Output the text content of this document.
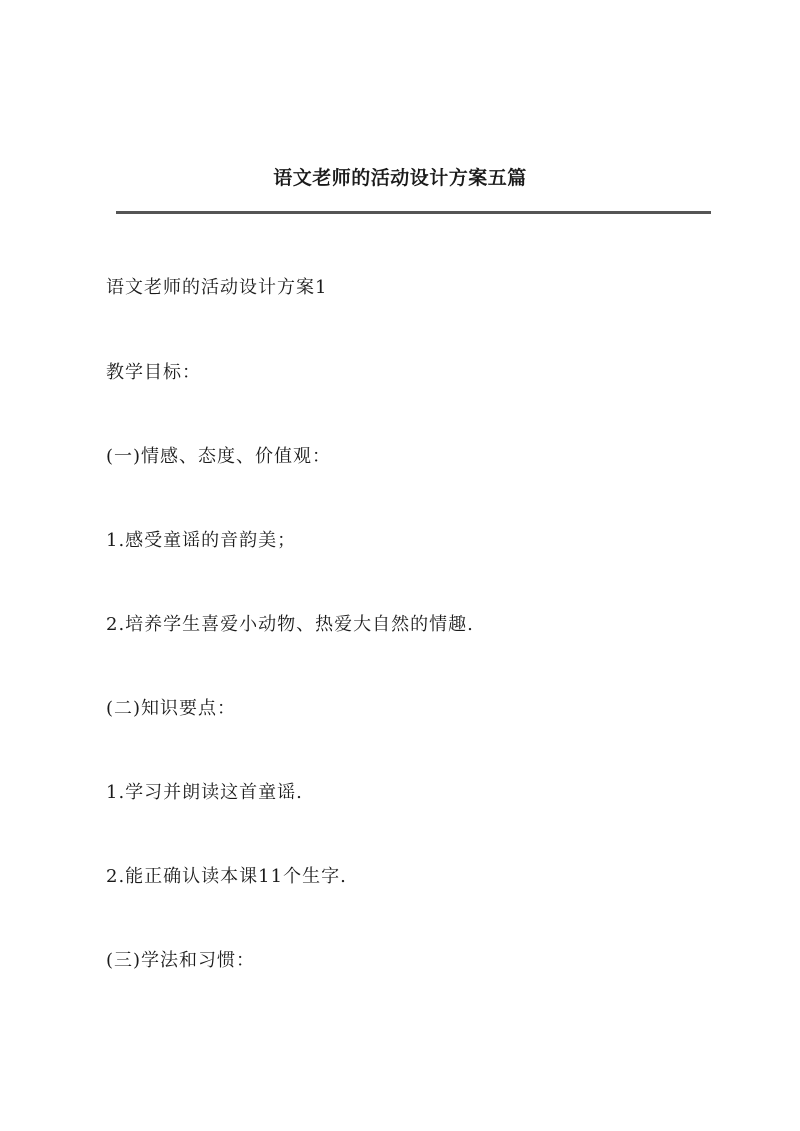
语文老师的活动设计方案五篇
语文老师的活动设计方案1
教学目标：
(一)情感、态度、价值观：
1.感受童谣的音韵美；
2.培养学生喜爱小动物、热爱大自然的情趣.
(二)知识要点：
1.学习并朗读这首童谣.
2.能正确认读本课11个生字.
(三)学法和习惯：
